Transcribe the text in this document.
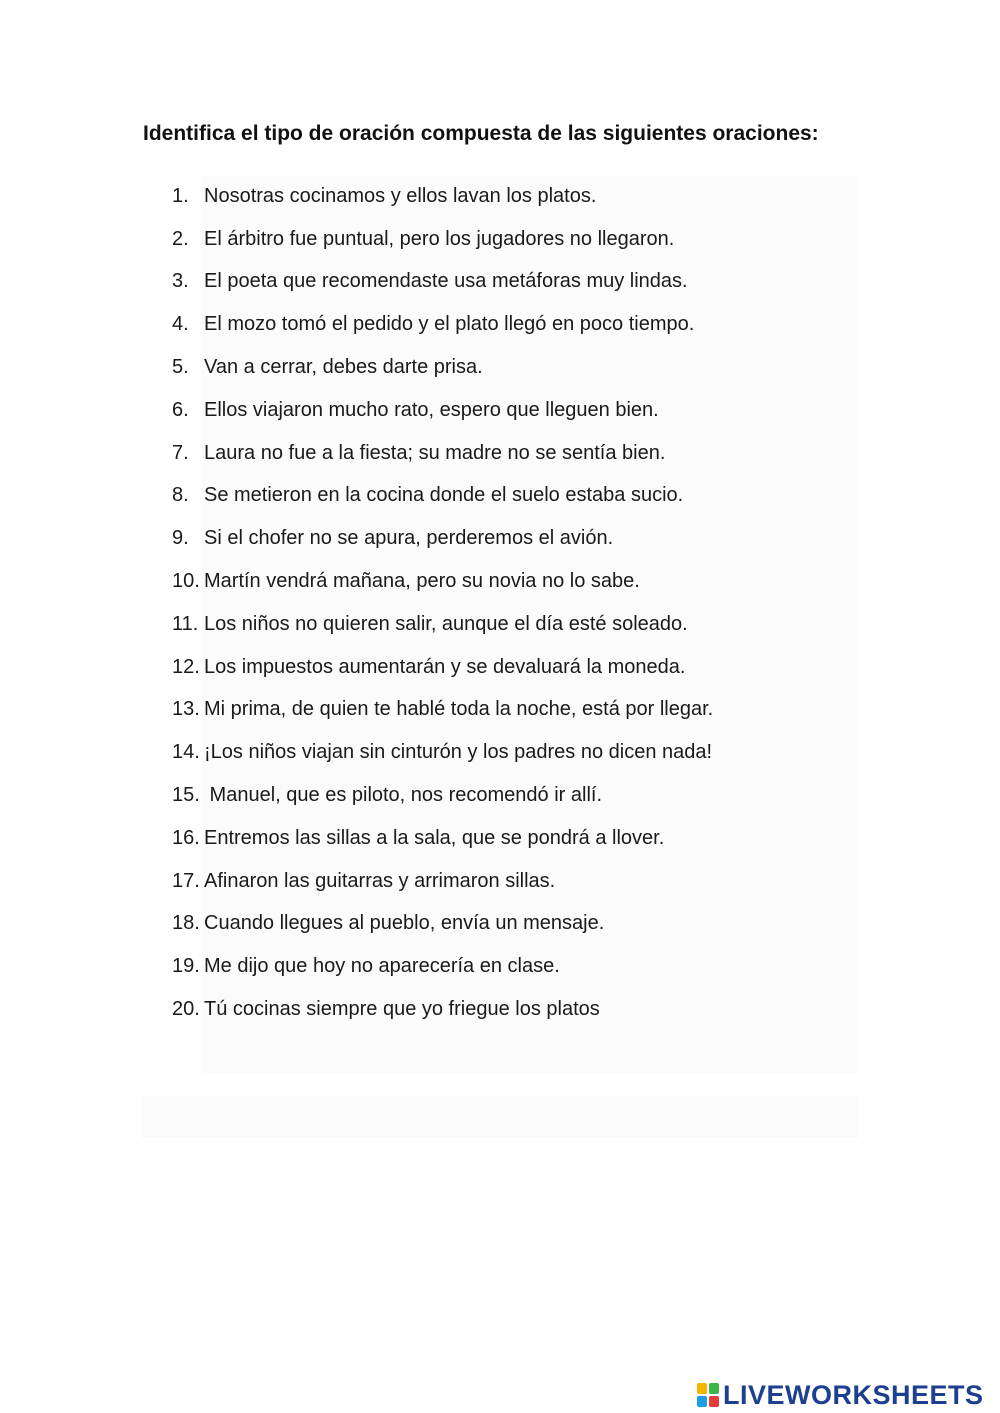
Identifica el tipo de oración compuesta de las siguientes oraciones:
1. Nosotras cocinamos y ellos lavan los platos.
2. El árbitro fue puntual, pero los jugadores no llegaron.
3. El poeta que recomendaste usa metáforas muy lindas.
4. El mozo tomó el pedido y el plato llegó en poco tiempo.
5. Van a cerrar, debes darte prisa.
6. Ellos viajaron mucho rato, espero que lleguen bien.
7. Laura no fue a la fiesta; su madre no se sentía bien.
8. Se metieron en la cocina donde el suelo estaba sucio.
9. Si el chofer no se apura, perderemos el avión.
10. Martín vendrá mañana, pero su novia no lo sabe.
11. Los niños no quieren salir, aunque el día esté soleado.
12. Los impuestos aumentarán y se devaluará la moneda.
13. Mi prima, de quien te hablé toda la noche, está por llegar.
14. ¡Los niños viajan sin cinturón y los padres no dicen nada!
15. Manuel, que es piloto, nos recomendó ir allí.
16. Entremos las sillas a la sala, que se pondrá a llover.
17. Afinaron las guitarras y arrimaron sillas.
18. Cuando llegues al pueblo, envía un mensaje.
19. Me dijo que hoy no aparecería en clase.
20. Tú cocinas siempre que yo friegue los platos
LIVEWORKSHEETS
